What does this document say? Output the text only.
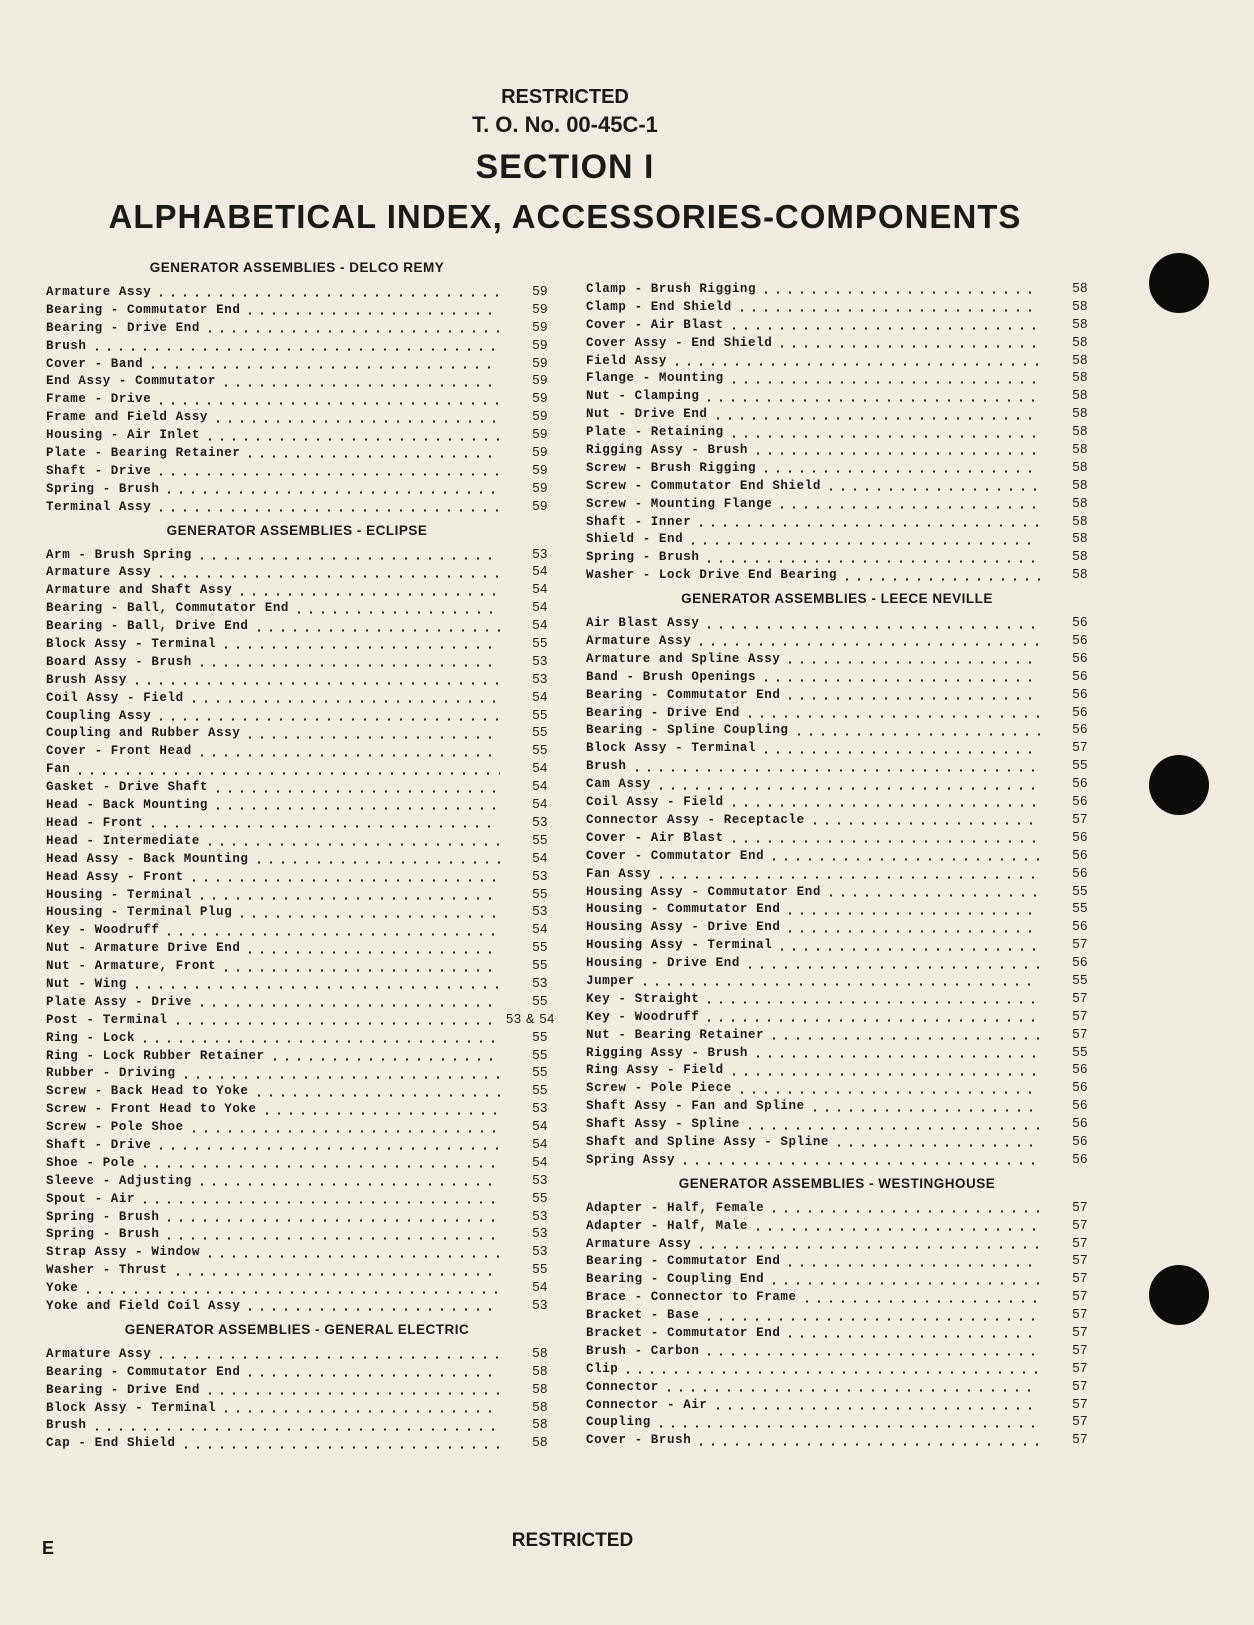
RESTRICTED
T. O. No. 00-45C-1
SECTION I
ALPHABETICAL INDEX, ACCESSORIES-COMPONENTS
GENERATOR ASSEMBLIES - DELCO REMY
Armature Assy	59
Bearing - Commutator End	59
Bearing - Drive End	59
Brush	59
Cover - Band	59
End Assy - Commutator	59
Frame - Drive	59
Frame and Field Assy	59
Housing - Air Inlet	59
Plate - Bearing Retainer	59
Shaft - Drive	59
Spring - Brush	59
Terminal Assy	59
GENERATOR ASSEMBLIES - ECLIPSE
Arm - Brush Spring	53
Armature Assy	54
Armature and Shaft Assy	54
Bearing - Ball, Commutator End	54
Bearing - Ball, Drive End	54
Block Assy - Terminal	55
Board Assy - Brush	53
Brush Assy	53
Coil Assy - Field	54
Coupling Assy	55
Coupling and Rubber Assy	55
Cover - Front Head	55
Fan	54
Gasket - Drive Shaft	54
Head - Back Mounting	54
Head - Front	53
Head - Intermediate	55
Head Assy - Back Mounting	54
Head Assy - Front	53
Housing - Terminal	55
Housing - Terminal Plug	53
Key - Woodruff	54
Nut - Armature Drive End	55
Nut - Armature, Front	55
Nut - Wing	53
Plate Assy - Drive	55
Post - Terminal	53 & 54
Ring - Lock	55
Ring - Lock Rubber Retainer	55
Rubber - Driving	55
Screw - Back Head to Yoke	55
Screw - Front Head to Yoke	53
Screw - Pole Shoe	54
Shaft - Drive	54
Shoe - Pole	54
Sleeve - Adjusting	53
Spout - Air	55
Spring - Brush	53
Spring - Brush	53
Strap Assy - Window	53
Washer - Thrust	55
Yoke	54
Yoke and Field Coil Assy	53
GENERATOR ASSEMBLIES - GENERAL ELECTRIC
Armature Assy	58
Bearing - Commutator End	58
Bearing - Drive End	58
Block Assy - Terminal	58
Brush	58
Cap - End Shield	58
Clamp - Brush Rigging	58
Clamp - End Shield	58
Cover - Air Blast	58
Cover Assy - End Shield	58
Field Assy	58
Flange - Mounting	58
Nut - Clamping	58
Nut - Drive End	58
Plate - Retaining	58
Rigging Assy - Brush	58
Screw - Brush Rigging	58
Screw - Commutator End Shield	58
Screw - Mounting Flange	58
Shaft - Inner	58
Shield - End	58
Spring - Brush	58
Washer - Lock Drive End Bearing	58
GENERATOR ASSEMBLIES - LEECE NEVILLE
Air Blast Assy	56
Armature Assy	56
Armature and Spline Assy	56
Band - Brush Openings	56
Bearing - Commutator End	56
Bearing - Drive End	56
Bearing - Spline Coupling	56
Block Assy - Terminal	57
Brush	55
Cam Assy	56
Coil Assy - Field	56
Connector Assy - Receptacle	57
Cover - Air Blast	56
Cover - Commutator End	56
Fan Assy	56
Housing Assy - Commutator End	55
Housing - Commutator End	55
Housing Assy - Drive End	56
Housing Assy - Terminal	57
Housing - Drive End	56
Jumper	55
Key - Straight	57
Key - Woodruff	57
Nut - Bearing Retainer	57
Rigging Assy - Brush	55
Ring Assy - Field	56
Screw - Pole Piece	56
Shaft Assy - Fan and Spline	56
Shaft Assy - Spline	56
Shaft and Spline Assy - Spline	56
Spring Assy	56
GENERATOR ASSEMBLIES - WESTINGHOUSE
Adapter - Half, Female	57
Adapter - Half, Male	57
Armature Assy	57
Bearing - Commutator End	57
Bearing - Coupling End	57
Brace - Connector to Frame	57
Bracket - Base	57
Bracket - Commutator End	57
Brush - Carbon	57
Clip	57
Connector	57
Connector - Air	57
Coupling	57
Cover - Brush	57
E	RESTRICTED
